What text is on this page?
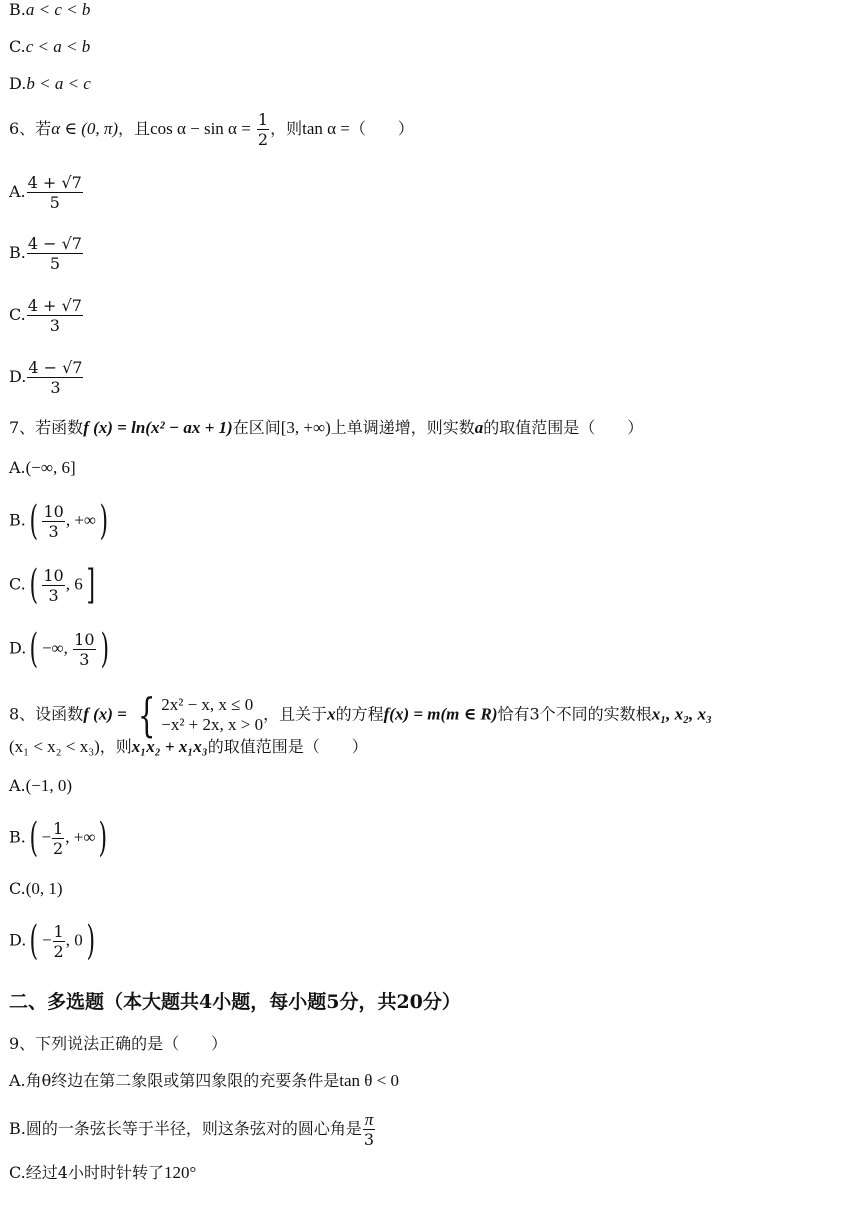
B.a < c < b
C.c < a < b
D.b < a < c
6、若α ∈ (0, π)，且$\cos \alpha - \sin \alpha = \frac{1}{2}$ ，则tan α =（　　）
A. $\frac{4 + √7}{5}$
B. $\frac{4 - √7}{5}$
C. $\frac{4 + √7}{3}$
D. $\frac{4 - √7}{3}$
7、若函数f (x) = ln(x² − ax + 1)在区间[3, +∞)上单调递增，则实数a的取值范围是（　　）
A.(−∞, 6]
$B.( \frac{10}{3}$ , +∞)
$C.( \frac{10}{3}$ , 6]
D.( −∞, $\frac{10}{3}$ )
8、设函数f (x) = { 2x² − x, x ≤ 0
−x² + 2x, x > 0
，且关于x的方程f(x) = m(m ∈ R)恰有3个不同的实数根x₁, x₂, x₃
(x₁ < x₂ < x₃)，则x₁x₂ + x₁x₃的取值范围是（　　）
A.(−1, 0)
$B.( - \frac{1}{2}$ , +∞)
C.(0, 1)
$D.( - \frac{1}{2}$ , 0)
二、多选题（本大题共4小题，每小题5分，共20分）
9、下列说法正确的是（　　）
A.角θ终边在第二象限或第四象限的充要条件是tan θ < 0
B.圆的一条弦长等于半径，则这条弦对的圆心角是 $\frac{\pi}{3}$
C.经过4小时时针转了120°
